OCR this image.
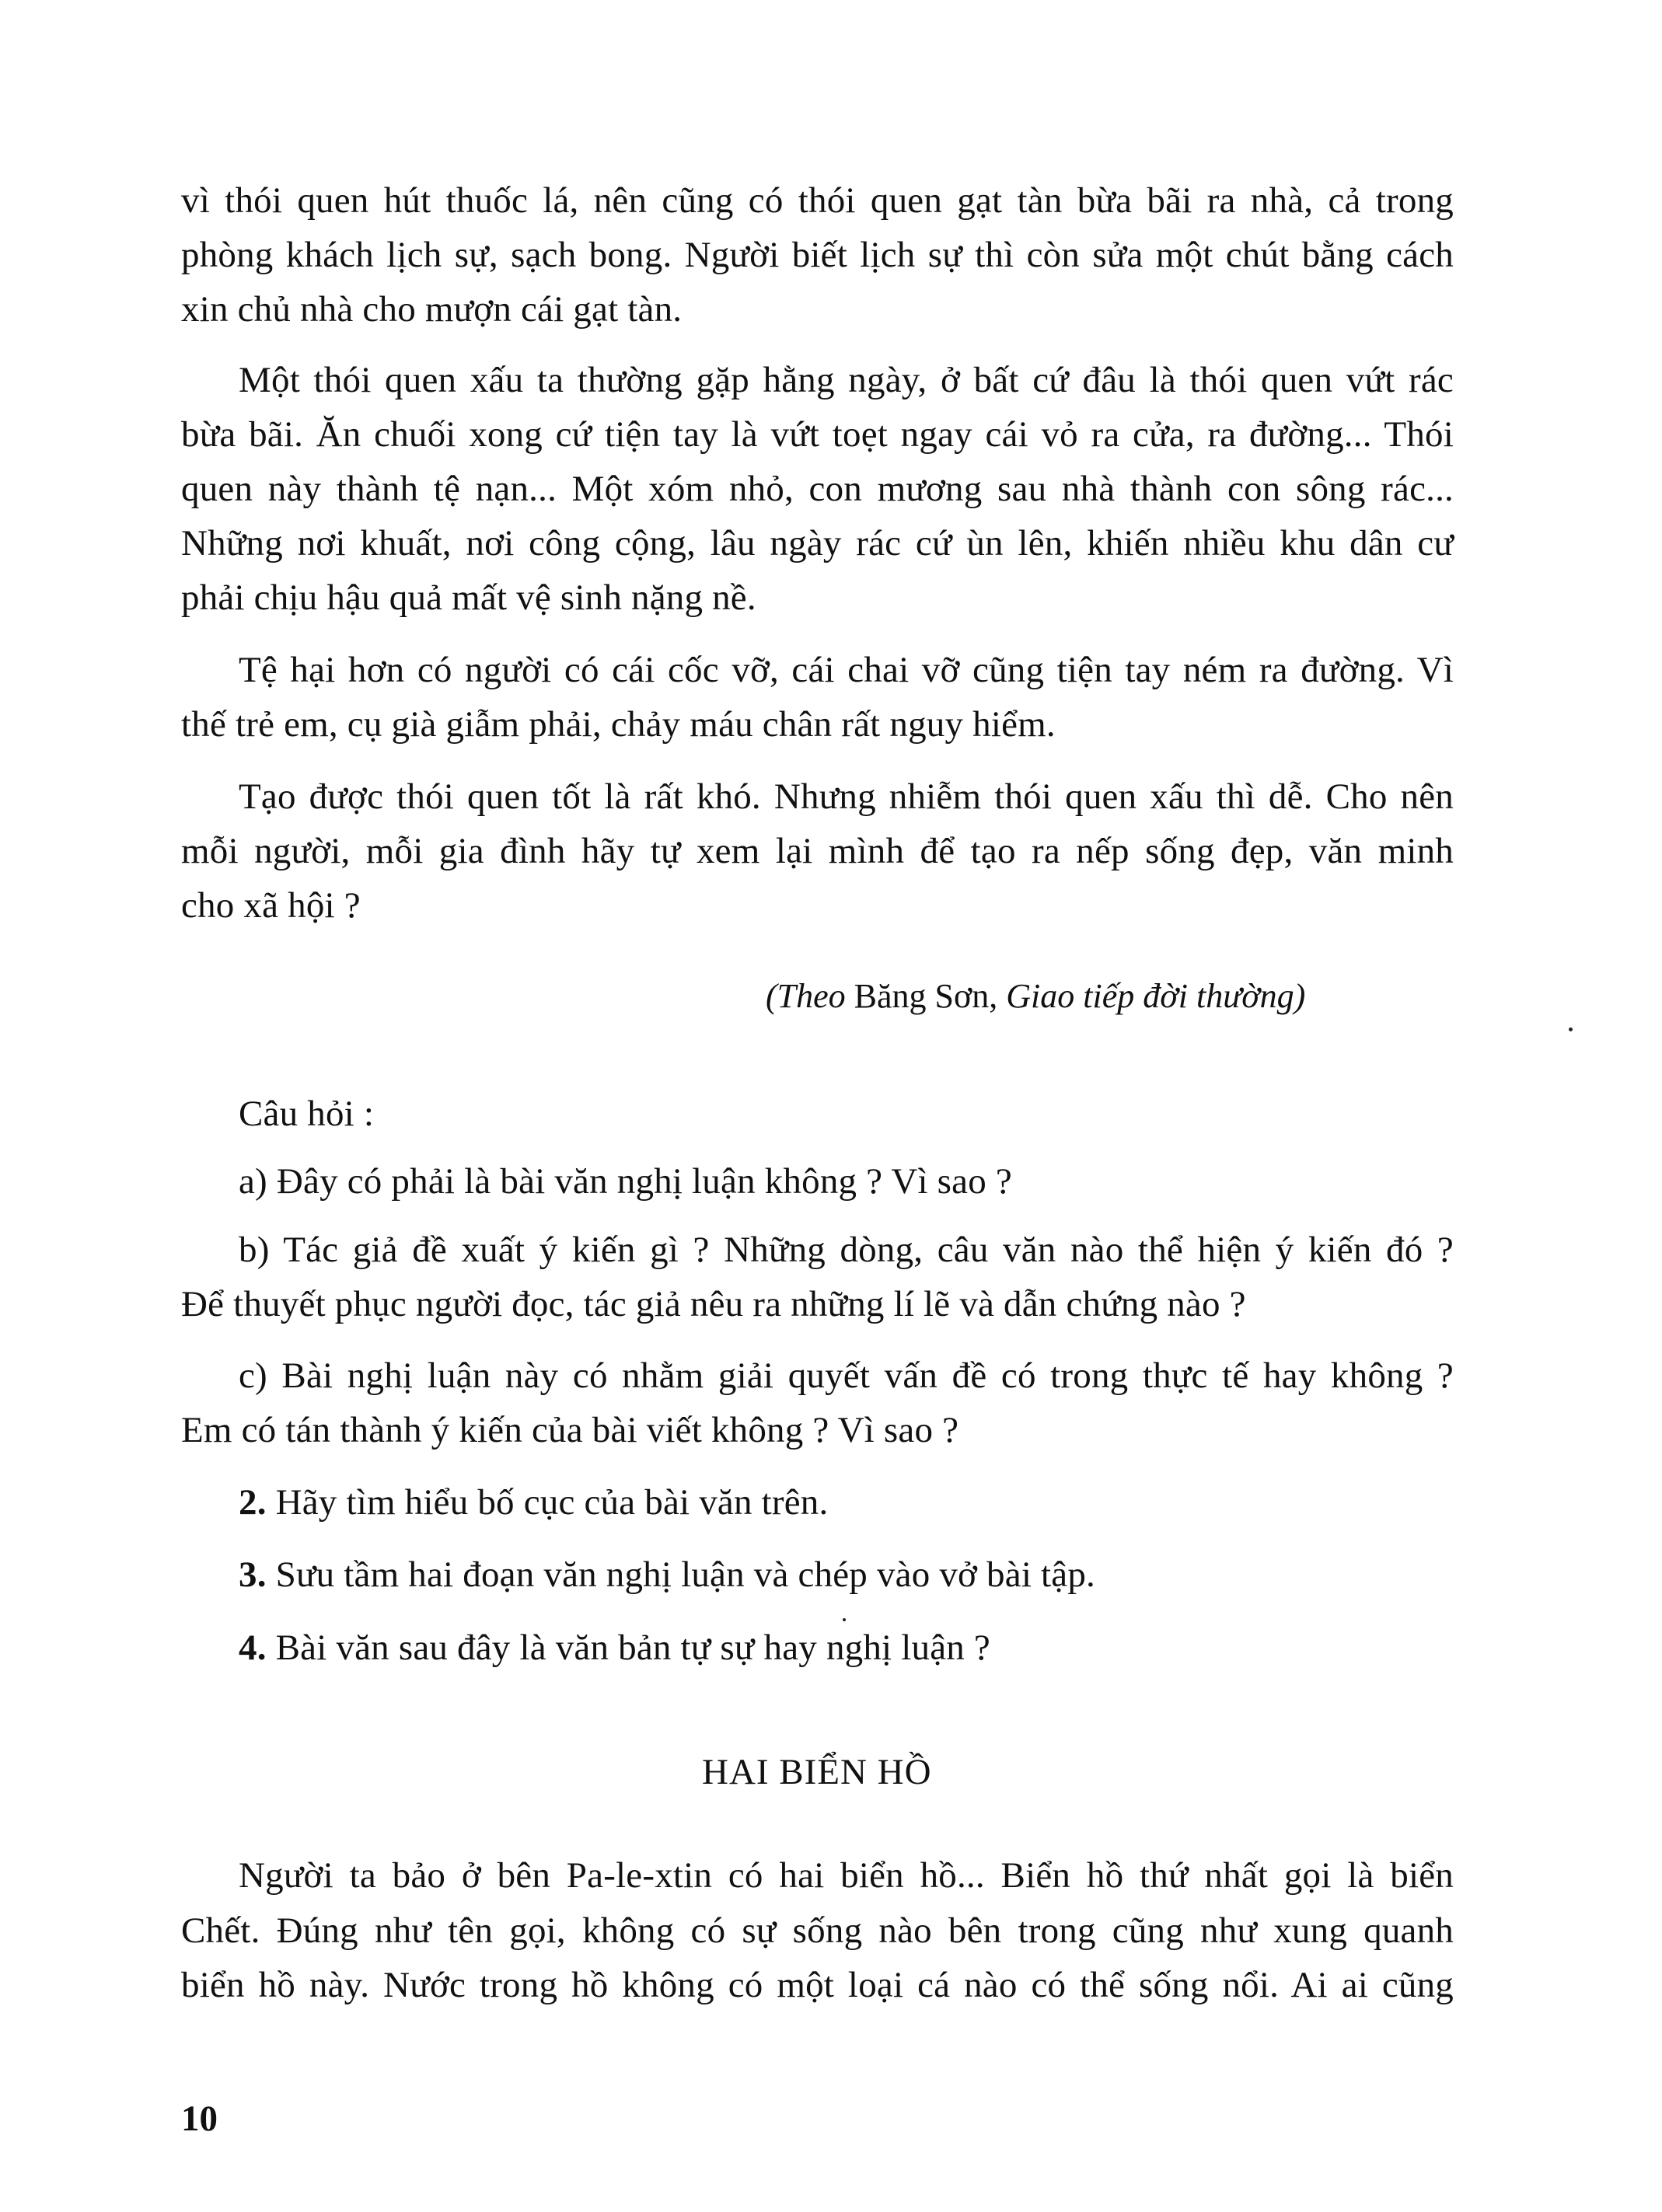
vì thói quen hút thuốc lá, nên cũng có thói quen gạt tàn bừa bãi ra nhà, cả trong
phòng khách lịch sự, sạch bong. Người biết lịch sự thì còn sửa một chút bằng cách
xin chủ nhà cho mượn cái gạt tàn.
Một thói quen xấu ta thường gặp hằng ngày, ở bất cứ đâu là thói quen vứt rác
bừa bãi. Ăn chuối xong cứ tiện tay là vứt toẹt ngay cái vỏ ra cửa, ra đường... Thói
quen này thành tệ nạn... Một xóm nhỏ, con mương sau nhà thành con sông rác...
Những nơi khuất, nơi công cộng, lâu ngày rác cứ ùn lên, khiến nhiều khu dân cư
phải chịu hậu quả mất vệ sinh nặng nề.
Tệ hại hơn có người có cái cốc vỡ, cái chai vỡ cũng tiện tay ném ra đường. Vì
thế trẻ em, cụ già giẫm phải, chảy máu chân rất nguy hiểm.
Tạo được thói quen tốt là rất khó. Nhưng nhiễm thói quen xấu thì dễ. Cho nên
mỗi người, mỗi gia đình hãy tự xem lại mình để tạo ra nếp sống đẹp, văn minh
cho xã hội ?
(Theo Băng Sơn, Giao tiếp đời thường)
Câu hỏi :
a) Đây có phải là bài văn nghị luận không ? Vì sao ?
b) Tác giả đề xuất ý kiến gì ? Những dòng, câu văn nào thể hiện ý kiến đó ?
Để thuyết phục người đọc, tác giả nêu ra những lí lẽ và dẫn chứng nào ?
c) Bài nghị luận này có nhằm giải quyết vấn đề có trong thực tế hay không ?
Em có tán thành ý kiến của bài viết không ? Vì sao ?
2. Hãy tìm hiểu bố cục của bài văn trên.
3. Sưu tầm hai đoạn văn nghị luận và chép vào vở bài tập.
4. Bài văn sau đây là văn bản tự sự hay nghị luận ?
HAI BIỂN HỒ
Người ta bảo ở bên Pa-le-xtin có hai biển hồ... Biển hồ thứ nhất gọi là biển
Chết. Đúng như tên gọi, không có sự sống nào bên trong cũng như xung quanh
biển hồ này. Nước trong hồ không có một loại cá nào có thể sống nổi. Ai ai cũng
10
